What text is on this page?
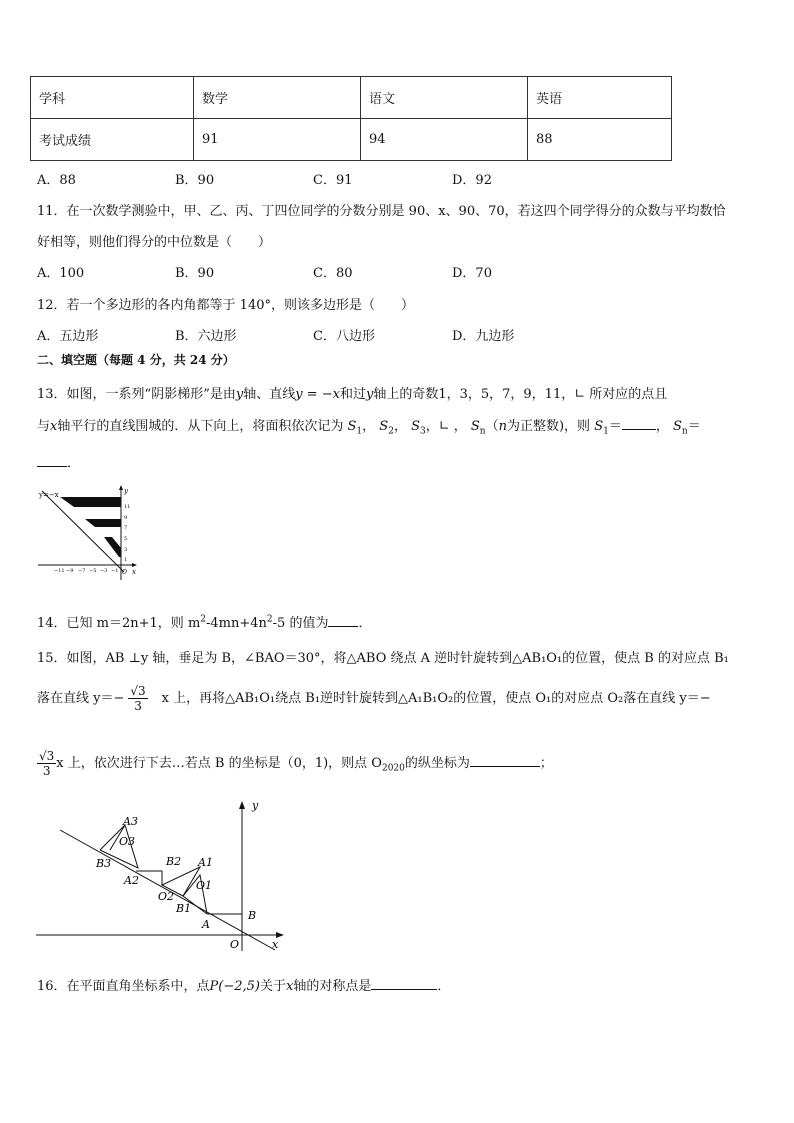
学科	数学	语文	英语
考试成绩	91	94	88
A．88	B．90	C．91	D．92
11．在一次数学测验中，甲、乙、丙、丁四位同学的分数分别是 90、x、90、70，若这四个同学得分的众数与平均数恰
好相等，则他们得分的中位数是（　　）
A．100	B．90	C．80	D．70
12．若一个多边形的各内角都等于 140°，则该多边形是（　　）
A．五边形	B．六边形	C．八边形	D．九边形
二、填空题（每题 4 分，共 24 分）
13．如图，一系列“阴影梯形”是由y轴、直线y = −x和过y轴上的奇数1，3，5，7，9，11，∟ 所对应的点且
与x轴平行的直线围城的．从下向上，将面积依次记为 $S_1$， $S_2$， $S_3$，∟ ， $S_n(n$为正整数)，则 $S_1=$	， $S_n=$
．
y=−x	y
x
O
11
9
7
5
3
1
−11 −9 −7 −5 −3 −1
14．已知 m＝2n+1，则 $m^2-4mn+4n^2-5$ 的值为 ．
15．如图，AB ⊥y 轴，垂足为 B，∠BAO＝30°，将△ABO 绕点 A 逆时针旋转到△AB₁O₁的位置，使点 B 的对应点 B₁
落在直线 $y=- \frac{√3}{3}$ x 上，再将△AB₁O₁绕点 B₁逆时针旋转到△A₁B₁O₂的位置，使点 O₁的对应点 O₂落在直线 y＝−
$\frac{√3}{3}$ x 上，依次进行下去…若点 B 的坐标是（0，1)，则点 $O_{2020}$的纵坐标为	；
A3
O3
B3
A2
B2 A1
O1
O2
B1
A
B
O	x
y
16．在平面直角坐标系中，点P(−2,5)关于x轴的对称点是	．
